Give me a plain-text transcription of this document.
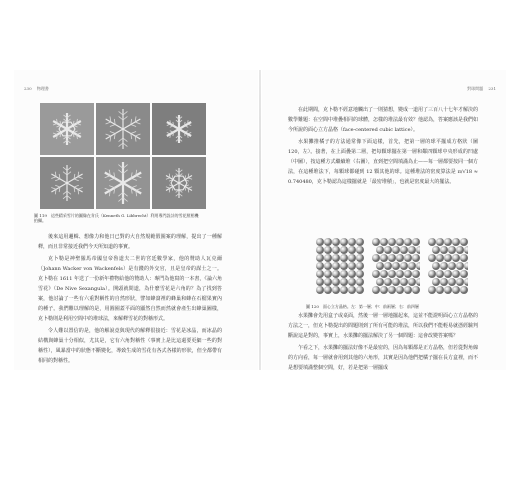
230 物理書	對球問題 231
圖 119　這些精采雪片的圖像在肯氏（Kenneth G. Libbrecht）利用專門設計的雪花照相機
拍攝。

後來這用邏輯、想像力和他日已對的大自然規範假圍案的理解，提出了一種解釋，而且非常接近我們今天所知道的事實。

克卜勒是神聖羅馬帝國皇帝魯道夫二世的宮廷數學家，他的贊助人瓦克爾（Johann Wacker von Wackenfels）是有錢的外交官，且是皇帝的謀士之一。克卜勒在 1611 年送了一份新年禮物給他的贊助人：專門為他寫的一本書，《論六角雪花》（De Nive Sexangula）。開頭就問道，為什麼雪花是六角的？為了找到答案，他討論了一些有六重對稱性的自然形狀，譬如蜂窩裡的蜂巢和蜂在石榴果實內的種子。我們難以理解的是，用圓圈蓋平面的顯然自然而然就會產生出蜂巢圖樣，克卜勒則是利用空間中的堆球法，來解釋雪花的對稱形式。

令人難以置信的是，他的解說竟與現代的解釋很接近：雪花是冰晶，而冰晶的結構與蜂巢十分相似，尤其是，它有六角對稱性（事實上是比這還要更細一些的對稱性），風暴當中的狀態不斷變化，導致生成的雪花有各式各樣的形狀，但全都帶有相同的對稱性。

在此期間，克卜勒不經意地觸出了一則猜想，變成一道用了三百八十七年才解決的數學難題：在空間中堆疊相同的球體，怎樣的堆法最有效？他認為，答案應該是我們如今所說的面心立方晶格（face-centered cubic lattice）。

水果攤推橘子的方法通常像下面這樣，首先，把第一層的球平擺成方格狀（圖 120，左）。接著，在上面疊第二層，把每顆球擺在第一層和鄰四顆球中央形成的凹處（中圖），按這種方式繼續堆（右圖），直到把空間填滿為止——每一層都要按同一個方法，在這種堆法下，每顆球都碰到 12 顆其他的球。這種堆法的密度算法是 π/√18 ≈ 0.740480，克卜勒認為這樣擺就是「最密堆積」，也就是密度最大的擺法。

圖 120　面心立方晶格。左：第一層；中：前兩層；右：前四層

水果攤會先用盒子或桌面，然後一層一層地擺起來，這並不能證明面心立方晶格的方法之一，但克卜勒提出的問題則到了所有可能的堆法，所以我們不能輕易就憑經驗判斷說這是對的，事實上，水果攤的擺法解決了另一個問題：這會改變答案嗎？

乍看之下，水果攤的擺法好像不是最密的，因為每顆都是正方晶格，但若從對角線的方向看，每一層就會用到其他的六角形，其實是因為他們把橘子擺在長方盒裡，而不是想要填滿整個空間，好，若是把第一層擺成
